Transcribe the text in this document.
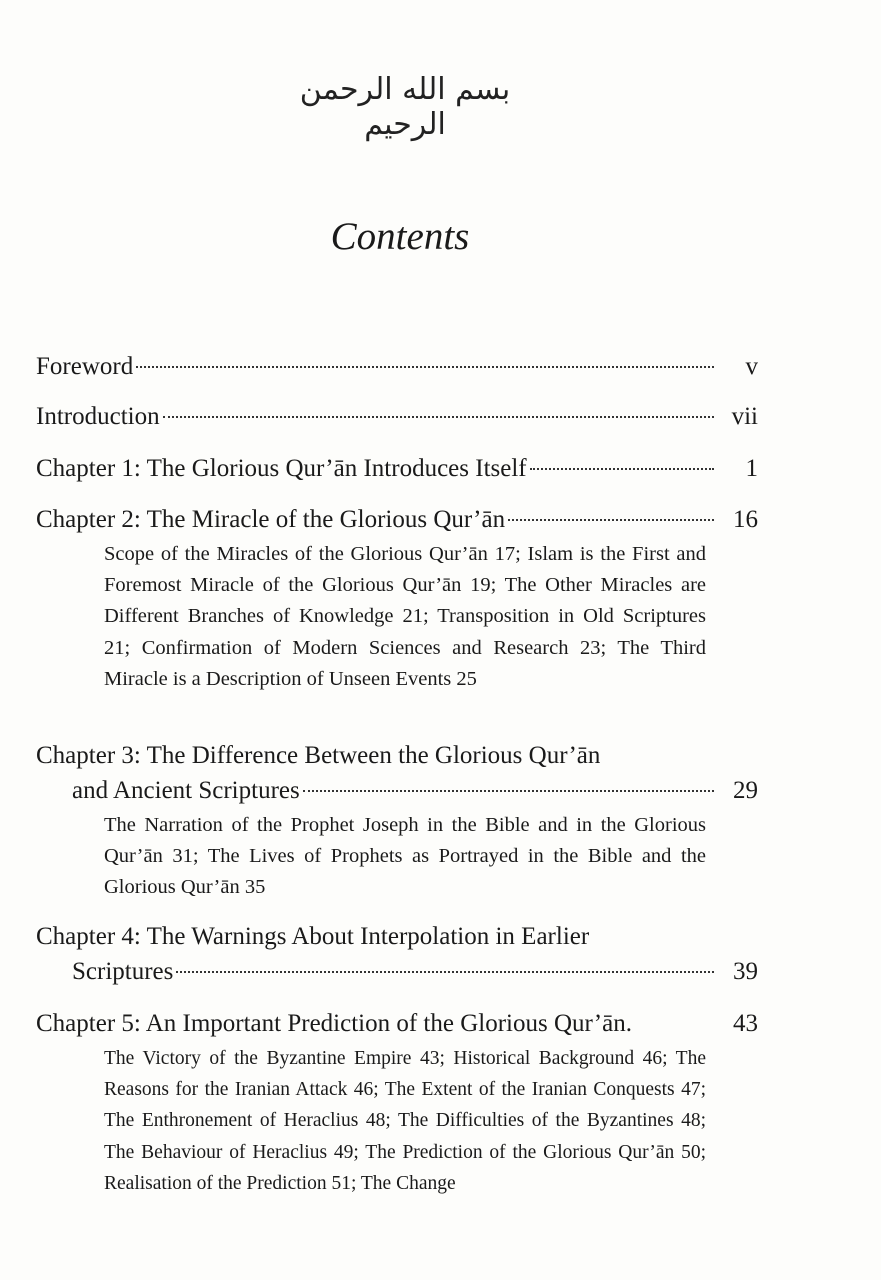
بسم الله الرحمن الرحيم
Contents
Foreword	v
Introduction	vii
Chapter 1: The Glorious Qur’ān Introduces Itself	1
Chapter 2: The Miracle of the Glorious Qur’ān	16
Scope of the Miracles of the Glorious Qur’ān 17; Islam is the First and Foremost Miracle of the Glorious Qur’ān 19; The Other Miracles are Different Branches of Knowledge 21; Transposition in Old Scriptures 21; Confirmation of Modern Sciences and Research 23; The Third Miracle is a Description of Unseen Events 25
Chapter 3: The Difference Between the Glorious Qur’ān
and Ancient Scriptures	29
The Narration of the Prophet Joseph in the Bible and in the Glorious Qur’ān 31; The Lives of Prophets as Portrayed in the Bible and the Glorious Qur’ān 35
Chapter 4: The Warnings About Interpolation in Earlier
Scriptures	39
Chapter 5: An Important Prediction of the Glorious Qur’ān.	43
The Victory of the Byzantine Empire 43; Historical Background 46; The Reasons for the Iranian Attack 46; The Extent of the Iranian Conquests 47; The Enthronement of Heraclius 48; The Difficulties of the Byzantines 48; The Behaviour of Heraclius 49; The Prediction of the Glorious Qur’ān 50; Realisation of the Prediction 51; The Change
